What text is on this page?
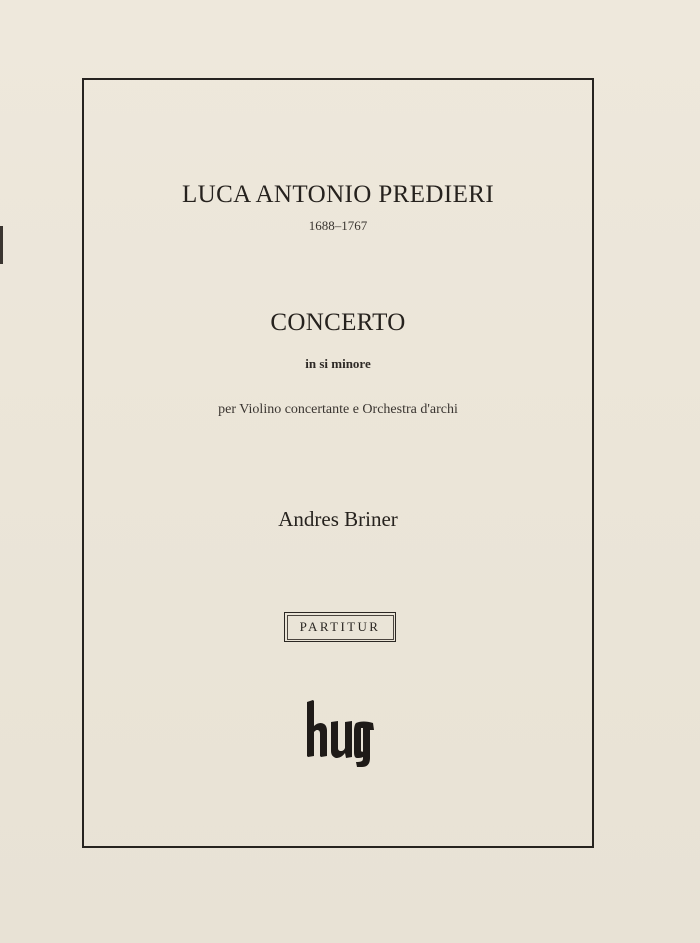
LUCA ANTONIO PREDIERI
1688–1767
CONCERTO
in si minore
per Violino concertante e Orchestra d'archi
Andres Briner
PARTITUR
